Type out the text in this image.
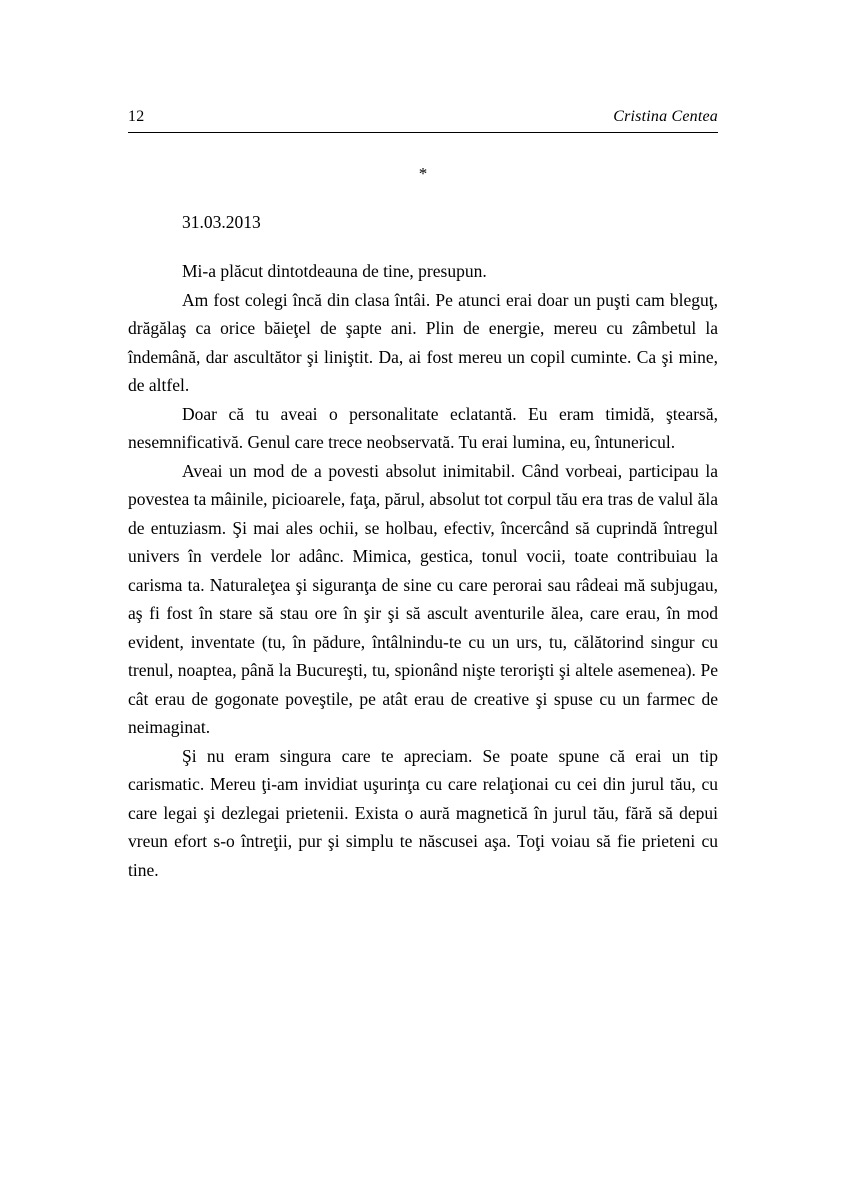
12	Cristina Centea
*
31.03.2013

Mi-a plăcut dintotdeauna de tine, presupun.

Am fost colegi încă din clasa întâi. Pe atunci erai doar un puşti cam bleguţ, drăgălaş ca orice băieţel de şapte ani. Plin de energie, mereu cu zâmbetul la îndemână, dar ascultător şi liniştit. Da, ai fost mereu un copil cuminte. Ca şi mine, de altfel.

Doar că tu aveai o personalitate eclatantă. Eu eram timidă, ştearsă, nesemnificativă. Genul care trece neobservată. Tu erai lumina, eu, întunericul.

Aveai un mod de a povesti absolut inimitabil. Când vorbeai, participau la povestea ta mâinile, picioarele, faţa, părul, absolut tot corpul tău era tras de valul ăla de entuziasm. Şi mai ales ochii, se holbau, efectiv, încercând să cuprindă întregul univers în verdele lor adânc. Mimica, gestica, tonul vocii, toate contribuiau la carisma ta. Naturaleţea şi siguranţa de sine cu care perorai sau râdeai mă subjugau, aş fi fost în stare să stau ore în şir şi să ascult aventurile ălea, care erau, în mod evident, inventate (tu, în pădure, întâlnindu-te cu un urs, tu, călătorind singur cu trenul, noaptea, până la Bucureşti, tu, spionând nişte terorişti şi altele asemenea). Pe cât erau de gogonate poveştile, pe atât erau de creative şi spuse cu un farmec de neimaginat.

Şi nu eram singura care te apreciam. Se poate spune că erai un tip carismatic. Mereu ţi-am invidiat uşurinţa cu care relaţionai cu cei din jurul tău, cu care legai şi dezlegai prietenii. Exista o aură magnetică în jurul tău, fără să depui vreun efort s-o întreţii, pur şi simplu te născusei aşa. Toţi voiau să fie prieteni cu tine.
